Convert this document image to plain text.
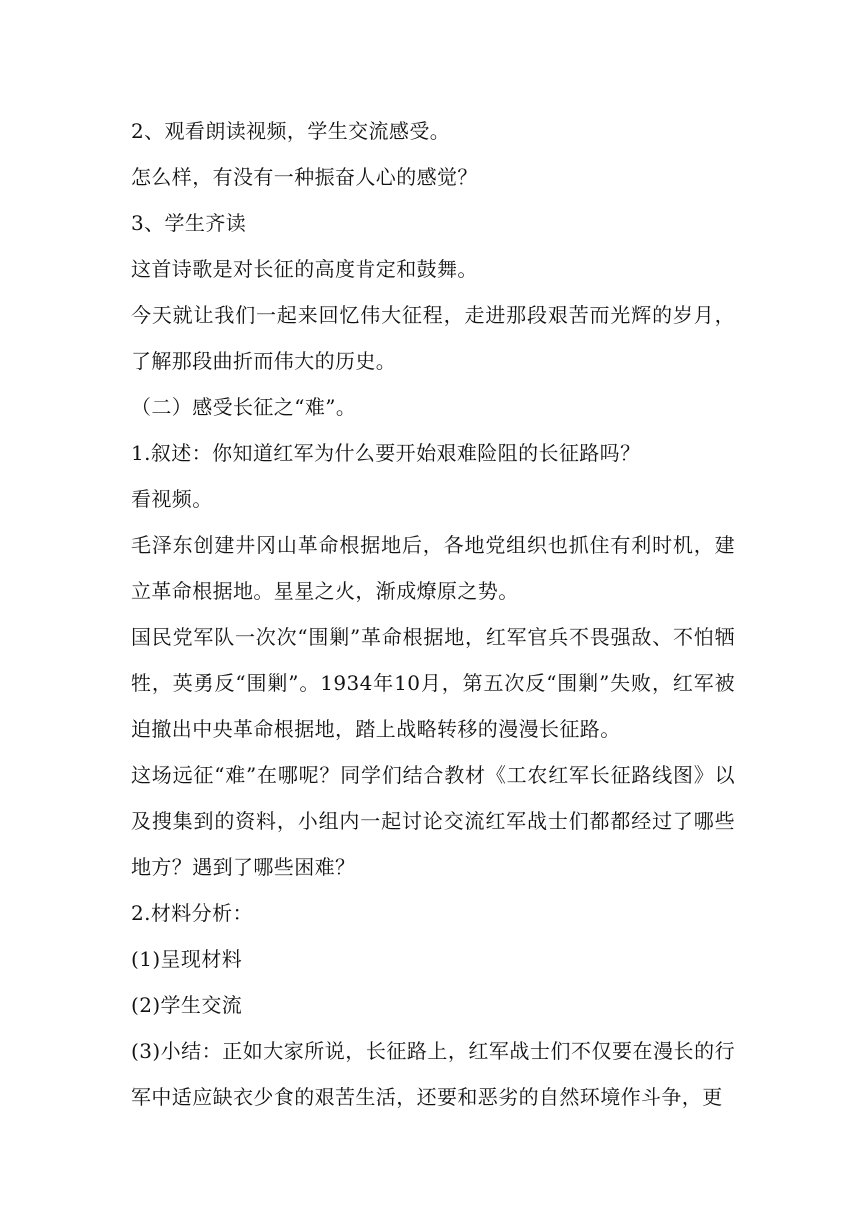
2、观看朗读视频，学生交流感受。

怎么样，有没有一种振奋人心的感觉？

3、学生齐读

这首诗歌是对长征的高度肯定和鼓舞。

今天就让我们一起来回忆伟大征程，走进那段艰苦而光辉的岁月，了解那段曲折而伟大的历史。

（二）感受长征之“难”。

1.叙述：你知道红军为什么要开始艰难险阻的长征路吗？

看视频。

毛泽东创建井冈山革命根据地后，各地党组织也抓住有利时机，建立革命根据地。星星之火，渐成燎原之势。

国民党军队一次次“围剿”革命根据地，红军官兵不畏强敌、不怕牺牲，英勇反“围剿”。1934年10月，第五次反“围剿”失败，红军被迫撤出中央革命根据地，踏上战略转移的漫漫长征路。

这场远征“难”在哪呢？同学们结合教材《工农红军长征路线图》以及搜集到的资料，小组内一起讨论交流红军战士们都都经过了哪些地方？遇到了哪些困难？

2.材料分析：

(1)呈现材料

(2)学生交流

(3)小结：正如大家所说，长征路上，红军战士们不仅要在漫长的行军中适应缺衣少食的艰苦生活，还要和恶劣的自然环境作斗争，更
